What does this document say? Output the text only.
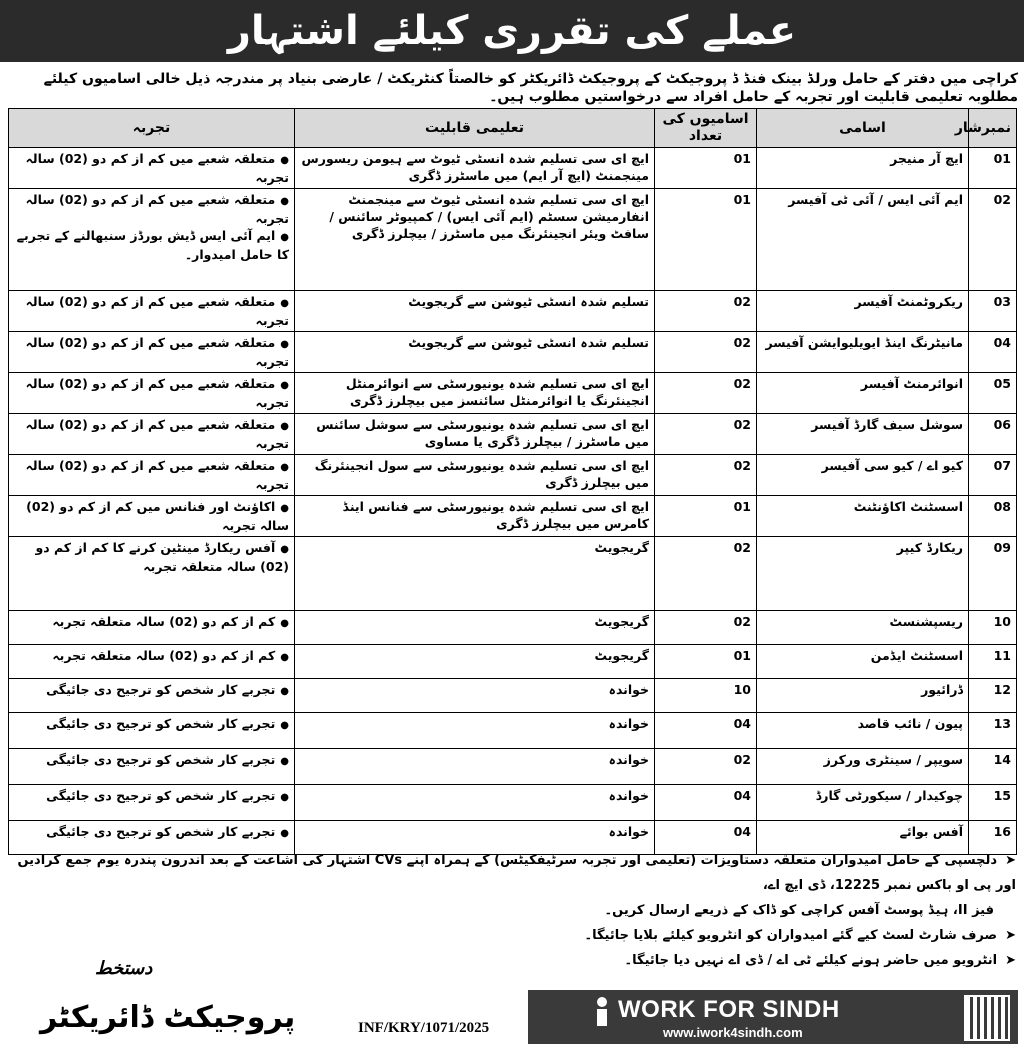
عملے کی تقرری کیلئے اشتہار
کراچی میں دفتر کے حامل ورلڈ بینک فنڈ ڈ پروجیکٹ کے پروجیکٹ ڈائریکٹر کو خالصتاً کنٹریکٹ / عارضی بنیاد پر مندرجہ ذیل خالی اسامیوں کیلئے مطلوبہ تعلیمی قابلیت اور تجربہ کے حامل افراد سے درخواستیں مطلوب ہیں۔
نمبرشار	اسامی	اسامیوں کی تعداد	تعلیمی قابلیت	تجربہ
01	ایچ آر منیجر	01	ایچ ای سی تسلیم شدہ انسٹی ٹیوٹ سے ہیومن ریسورس مینجمنٹ (ایچ آر ایم) میں ماسٹرز ڈگری	● متعلقہ شعبے میں کم از کم دو (02) سالہ تجربہ

02	ایم آئی ایس / آئی ٹی آفیسر	01	ایچ ای سی تسلیم شدہ انسٹی ٹیوٹ سے مینجمنٹ انفارمیشن سسٹم (ایم آئی ایس) / کمپیوٹر سائنس / سافٹ ویئر انجینئرنگ میں ماسٹرز / بیچلرز ڈگری	● متعلقہ شعبے میں کم از کم دو (02) سالہ تجربہ
● ایم آئی ایس ڈیش بورڈز سنبھالنے کے تجربے کا حامل امیدوار۔

03	ریکروٹمنٹ آفیسر	02	تسلیم شدہ انسٹی ٹیوشن سے گریجویٹ	● متعلقہ شعبے میں کم از کم دو (02) سالہ تجربہ

04	مانیٹرنگ اینڈ ایویلیوایشن آفیسر	02	تسلیم شدہ انسٹی ٹیوشن سے گریجویٹ	● متعلقہ شعبے میں کم از کم دو (02) سالہ تجربہ

05	انوائرمنٹ آفیسر	02	ایچ ای سی تسلیم شدہ یونیورسٹی سے انوائرمنٹل انجینئرنگ یا انوائرمنٹل سائنسز میں بیچلرز ڈگری	● متعلقہ شعبے میں کم از کم دو (02) سالہ تجربہ

06	سوشل سیف گارڈ آفیسر	02	ایچ ای سی تسلیم شدہ یونیورسٹی سے سوشل سائنس میں ماسٹرز / بیچلرز ڈگری یا مساوی	● متعلقہ شعبے میں کم از کم دو (02) سالہ تجربہ

07	کیو اے / کیو سی آفیسر	02	ایچ ای سی تسلیم شدہ یونیورسٹی سے سول انجینئرنگ میں بیچلرز ڈگری	● متعلقہ شعبے میں کم از کم دو (02) سالہ تجربہ

08	اسسٹنٹ اکاؤنٹنٹ	01	ایچ ای سی تسلیم شدہ یونیورسٹی سے فنانس اینڈ کامرس میں بیچلرز ڈگری	● اکاؤنٹ اور فنانس میں کم از کم دو (02) سالہ تجربہ

09	ریکارڈ کیپر	02	گریجویٹ	● آفس ریکارڈ مینٹین کرنے کا کم از کم دو (02) سالہ متعلقہ تجربہ

10	ریسپشنسٹ	02	گریجویٹ	● کم از کم دو (02) سالہ متعلقہ تجربہ

11	اسسٹنٹ ایڈمن	01	گریجویٹ	● کم از کم دو (02) سالہ متعلقہ تجربہ

12	ڈرائیور	10	خواندہ	● تجربے کار شخص کو ترجیح دی جائیگی

13	پیون / نائب قاصد	04	خواندہ	● تجربے کار شخص کو ترجیح دی جائیگی

14	سویپر / سینٹری ورکرز	02	خواندہ	● تجربے کار شخص کو ترجیح دی جائیگی

15	چوکیدار / سیکورٹی گارڈ	04	خواندہ	● تجربے کار شخص کو ترجیح دی جائیگی

16	آفس بوائے	04	خواندہ	● تجربے کار شخص کو ترجیح دی جائیگی
➤ دلچسپی کے حامل امیدواران متعلقہ دستاویزات (تعلیمی اور تجربہ سرٹیفکیٹس) کے ہمراہ اپنے CVs اشتہار کی اشاعت کے بعد اندرون پندرہ یوم جمع کرادیں اور پی او باکس نمبر 12225، ڈی ایچ اے،
فیز II، ہیڈ پوسٹ آفس کراچی کو ڈاک کے ذریعے ارسال کریں۔
➤ صرف شارٹ لسٹ کیے گئے امیدواران کو انٹرویو کیلئے بلایا جائیگا۔
➤ انٹرویو میں حاضر ہونے کیلئے ٹی اے / ڈی اے نہیں دیا جائیگا۔
دستخط
پروجیکٹ ڈائریکٹر	INF/KRY/1071/2025
WORK FOR SINDH
www.iwork4sindh.com
